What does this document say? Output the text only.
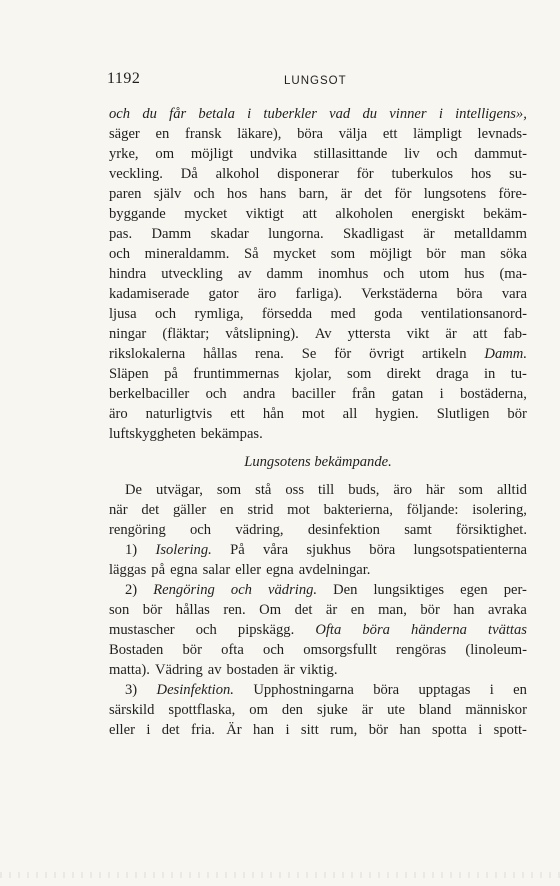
1192	LUNGSOT
och du får betala i tuberkler vad du vinner i intelligens»,
säger en fransk läkare), böra välja ett lämpligt levnads-
yrke, om möjligt undvika stillasittande liv och dammut-
veckling. Då alkohol disponerar för tuberkulos hos su-
paren själv och hos hans barn, är det för lungsotens före-
byggande mycket viktigt att alkoholen energiskt bekäm-
pas. Damm skadar lungorna. Skadligast är metalldamm
och mineraldamm. Så mycket som möjligt bör man söka
hindra utveckling av damm inomhus och utom hus (ma-
kadamiserade gator äro farliga). Verkstäderna böra vara
ljusa och rymliga, försedda med goda ventilationsanord-
ningar (fläktar; våtslipning). Av yttersta vikt är att fab-
rikslokalerna hållas rena. Se för övrigt artikeln Damm.
Släpen på fruntimmernas kjolar, som direkt draga in tu-
berkelbaciller och andra baciller från gatan i bostäderna,
äro naturligtvis ett hån mot all hygien. Slutligen bör
luftskyggheten bekämpas.
Lungsotens bekämpande.
De utvägar, som stå oss till buds, äro här som alltid
när det gäller en strid mot bakterierna, följande: isolering,
rengöring och vädring, desinfektion samt försiktighet.
1) Isolering. På våra sjukhus böra lungsotspatienterna
läggas på egna salar eller egna avdelningar.
2) Rengöring och vädring. Den lungsiktiges egen per-
son bör hållas ren. Om det är en man, bör han avraka
mustascher och pipskägg. Ofta böra händerna tvättas
Bostaden bör ofta och omsorgsfullt rengöras (linoleum-
matta). Vädring av bostaden är viktig.
3) Desinfektion. Upphostningarna böra upptagas i en
särskild spottflaska, om den sjuke är ute bland människor
eller i det fria. Är han i sitt rum, bör han spotta i spott-
